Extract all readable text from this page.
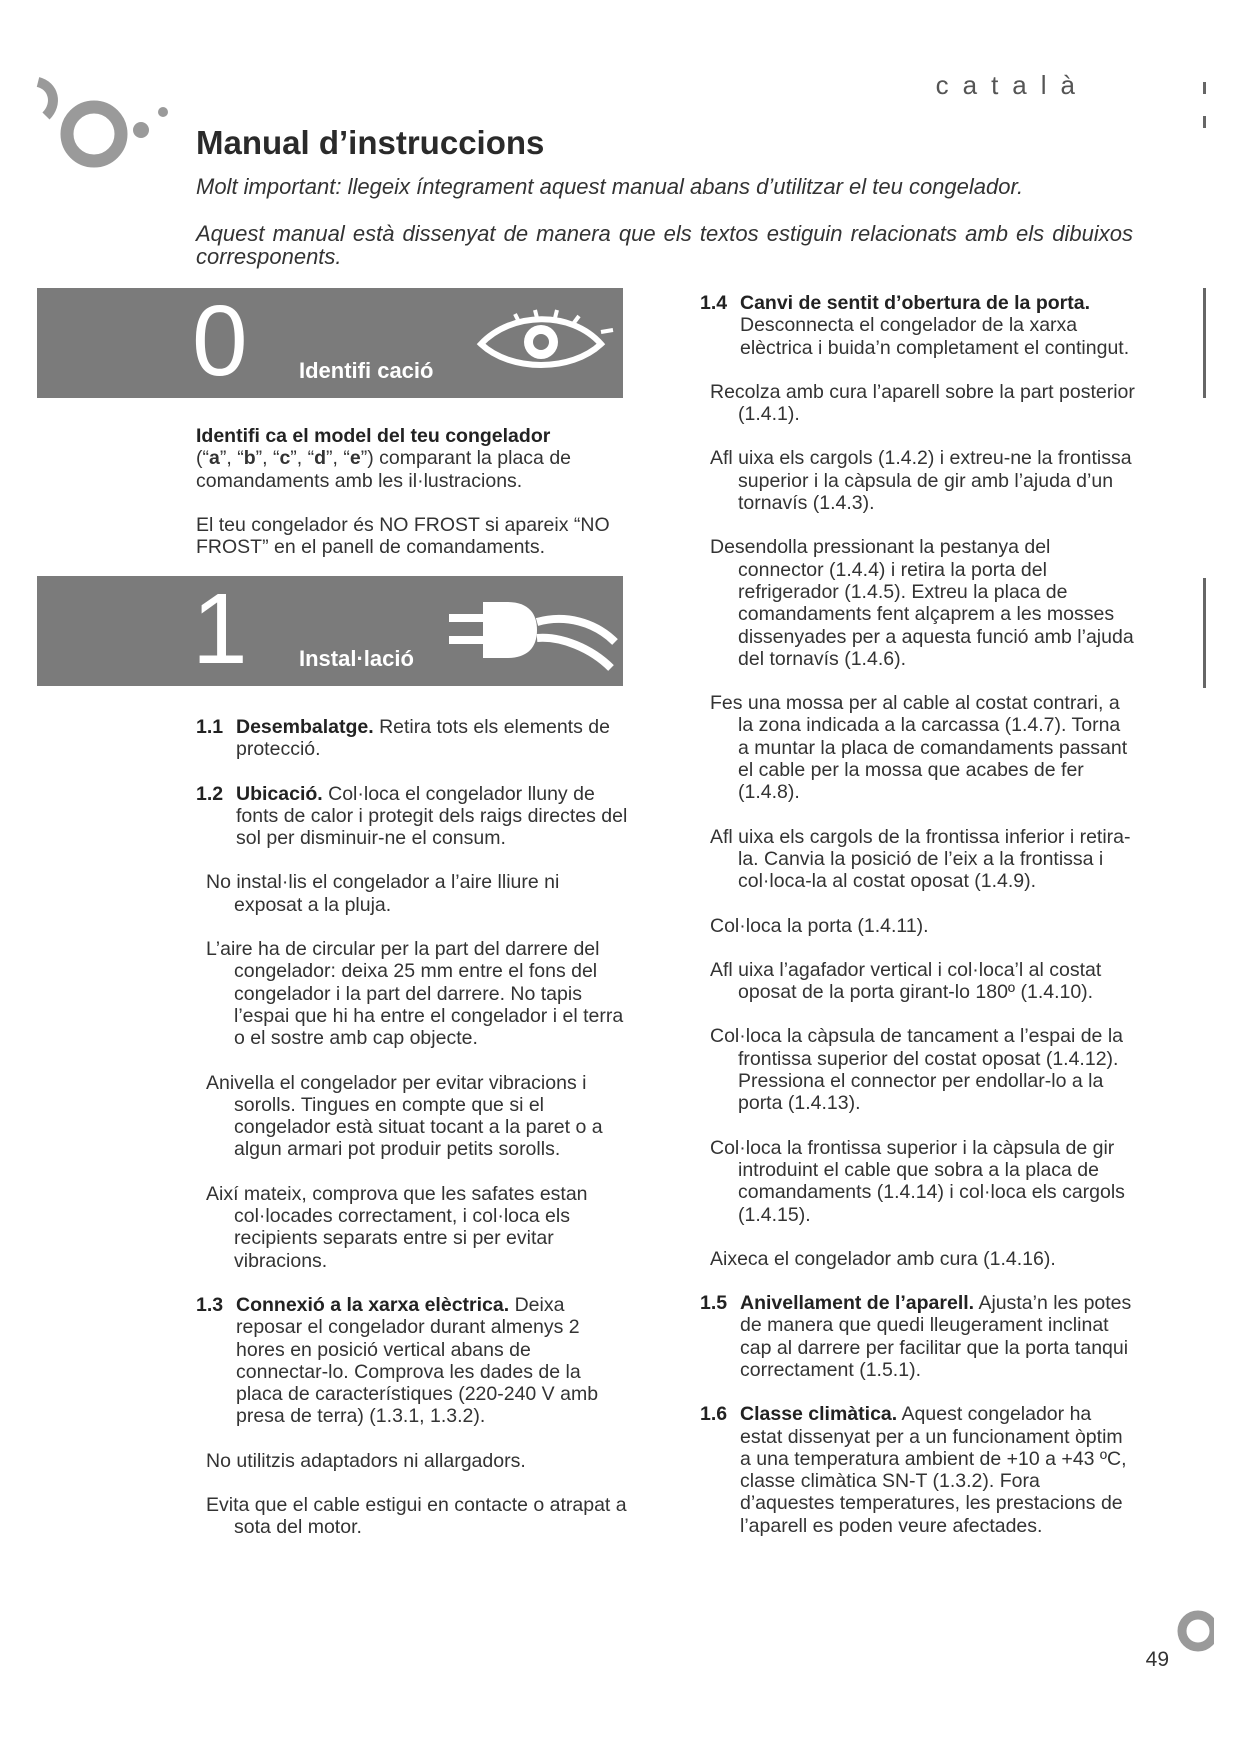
català
Manual d’instruccions
Molt important: llegeix íntegrament aquest manual abans d’utilitzar el teu congelador.
Aquest manual està dissenyat de manera que els textos estiguin relacionats amb els dibuixos corresponents.
0 Identifi cació

Identifi ca el model del teu congelador
(“a”, “b”, “c”, “d”, “e”) comparant la placa de comandaments amb les il·lustracions.

El teu congelador és NO FROST si apareix “NO FROST” en el panell de comandaments.

1 Instal·lació

1.1 Desembalatge. Retira tots els elements de protecció.

1.2 Ubicació. Col·loca el congelador lluny de fonts de calor i protegit dels raigs directes del sol per disminuir-ne el consum.

No instal·lis el congelador a l’aire lliure ni exposat a la pluja.

L’aire ha de circular per la part del darrere del congelador: deixa 25 mm entre el fons del congelador i la part del darrere. No tapis l’espai que hi ha entre el congelador i el terra o el sostre amb cap objecte.

Anivella el congelador per evitar vibracions i sorolls. Tingues en compte que si el congelador està situat tocant a la paret o a algun armari pot produir petits sorolls.

Així mateix, comprova que les safates estan col·locades correctament, i col·loca els recipients separats entre si per evitar vibracions.

1.3 Connexió a la xarxa elèctrica. Deixa reposar el congelador durant almenys 2 hores en posició vertical abans de connectar-lo. Comprova les dades de la placa de característiques (220-240 V amb presa de terra) (1.3.1, 1.3.2).

No utilitzis adaptadors ni allargadors.

Evita que el cable estigui en contacte o atrapat a sota del motor.

1.4 Canvi de sentit d’obertura de la porta.
Desconnecta el congelador de la xarxa elèctrica i buida’n completament el contingut.

Recolza amb cura l’aparell sobre la part posterior (1.4.1).

Afl uixa els cargols (1.4.2) i extreu-ne la frontissa superior i la càpsula de gir amb l’ajuda d’un tornavís (1.4.3).

Desendolla pressionant la pestanya del connector (1.4.4) i retira la porta del refrigerador (1.4.5). Extreu la placa de comandaments fent alçaprem a les mosses dissenyades per a aquesta funció amb l’ajuda del tornavís (1.4.6).

Fes una mossa per al cable al costat contrari, a la zona indicada a la carcassa (1.4.7). Torna a muntar la placa de comandaments passant el cable per la mossa que acabes de fer (1.4.8).

Afl uixa els cargols de la frontissa inferior i retira-la. Canvia la posició de l’eix a la frontissa i col·loca-la al costat oposat (1.4.9).

Col·loca la porta (1.4.11).

Afl uixa l’agafador vertical i col·loca’l al costat oposat de la porta girant-lo 180º (1.4.10).

Col·loca la càpsula de tancament a l’espai de la frontissa superior del costat oposat (1.4.12). Pressiona el connector per endollar-lo a la porta (1.4.13).

Col·loca la frontissa superior i la càpsula de gir introduint el cable que sobra a la placa de comandaments (1.4.14) i col·loca els cargols (1.4.15).

Aixeca el congelador amb cura (1.4.16).

1.5 Anivellament de l’aparell. Ajusta’n les potes de manera que quedi lleugerament inclinat cap al darrere per facilitar que la porta tanqui correctament (1.5.1).

1.6 Classe climàtica. Aquest congelador ha estat dissenyat per a un funcionament òptim a una temperatura ambient de +10 a +43 ºC, classe climàtica SN-T (1.3.2). Fora d’aquestes temperatures, les prestacions de l’aparell es poden veure afectades.

49
